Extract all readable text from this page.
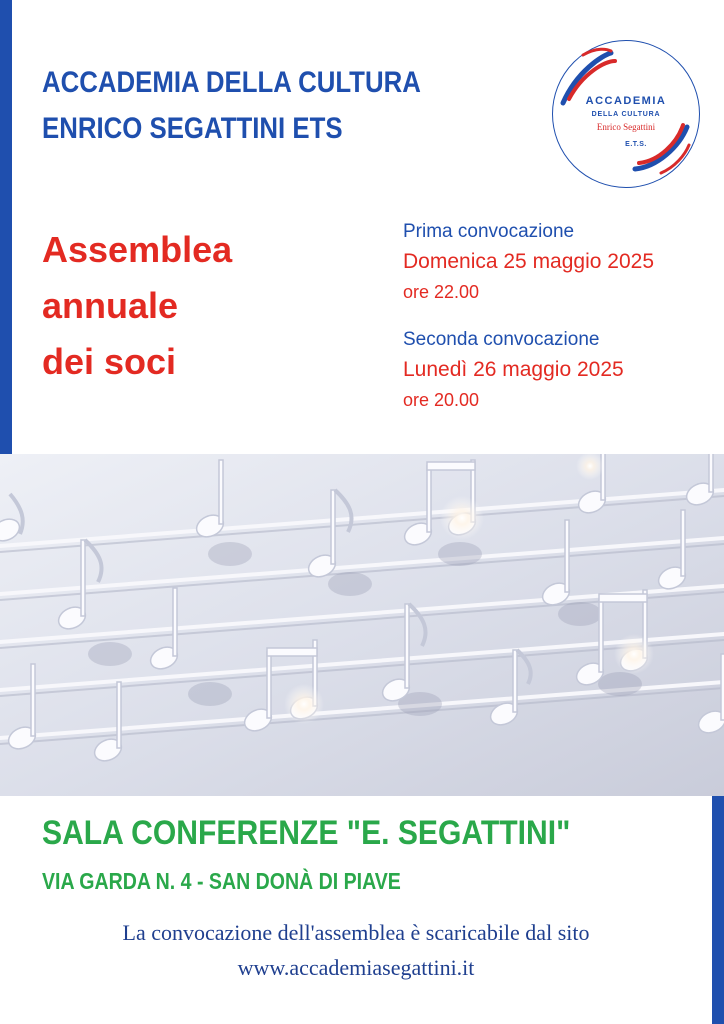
ACCADEMIA DELLA CULTURA
ENRICO SEGATTINI ETS
ACCADEMIA
DELLA CULTURA
Enrico Segattini
E.T.S.
Assemblea
annuale
dei soci
Prima convocazione
Domenica 25 maggio 2025
ore 22.00
Seconda convocazione
Lunedì 26 maggio 2025
ore 20.00
SALA CONFERENZE "E. SEGATTINI"
VIA GARDA N. 4 - SAN DONÀ DI PIAVE
La convocazione dell'assemblea è scaricabile dal sito
www.accademiasegattini.it
